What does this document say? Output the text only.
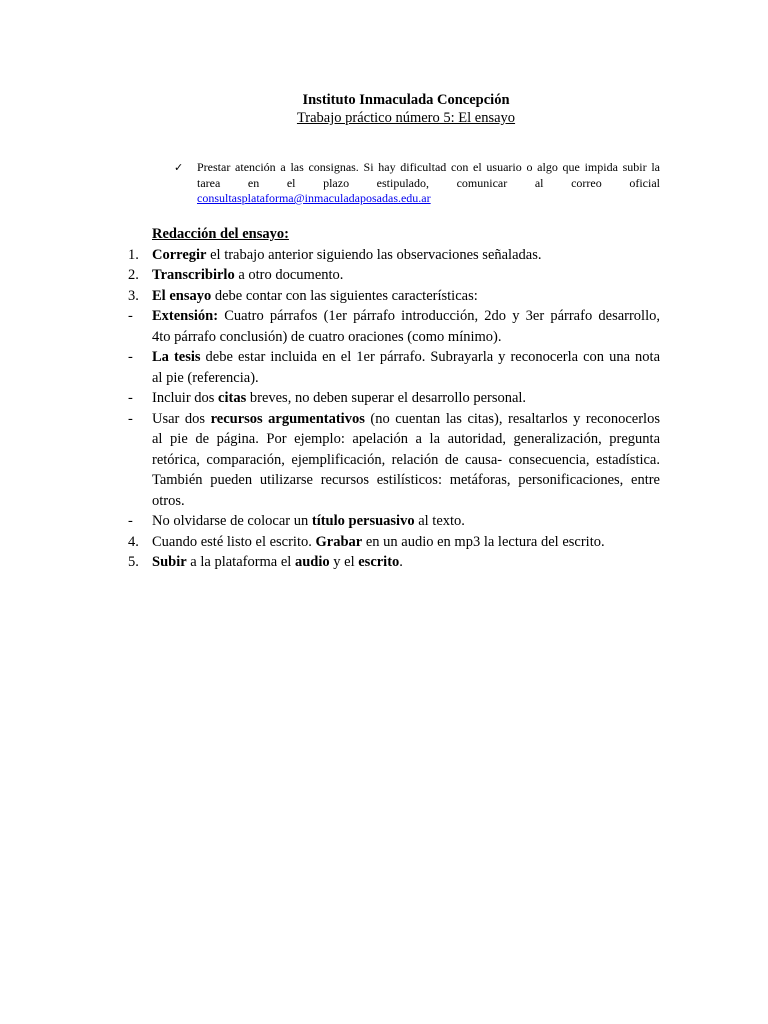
Instituto Inmaculada Concepción
Trabajo práctico número 5: El ensayo
✓ Prestar atención a las consignas. Si hay dificultad con el usuario o algo que impida subir la
tarea en el plazo estipulado, comunicar al correo oficial
consultasplataforma@inmaculadaposadas.edu.ar
Redacción del ensayo:
1. Corregir el trabajo anterior siguiendo las observaciones señaladas.
2. Transcribirlo a otro documento.
3. El ensayo debe contar con las siguientes características:
- Extensión: Cuatro párrafos (1er párrafo introducción, 2do y 3er párrafo desarrollo,
4to párrafo conclusión) de cuatro oraciones (como mínimo).
- La tesis debe estar incluida en el 1er párrafo. Subrayarla y reconocerla con una nota
al pie (referencia).
- Incluir dos citas breves, no deben superar el desarrollo personal.
- Usar dos recursos argumentativos (no cuentan las citas), resaltarlos y reconocerlos
al pie de página. Por ejemplo: apelación a la autoridad, generalización, pregunta
retórica, comparación, ejemplificación, relación de causa- consecuencia, estadística.
También pueden utilizarse recursos estilísticos: metáforas, personificaciones, entre
otros.
- No olvidarse de colocar un título persuasivo al texto.
4. Cuando esté listo el escrito. Grabar en un audio en mp3 la lectura del escrito.
5. Subir a la plataforma el audio y el escrito.
